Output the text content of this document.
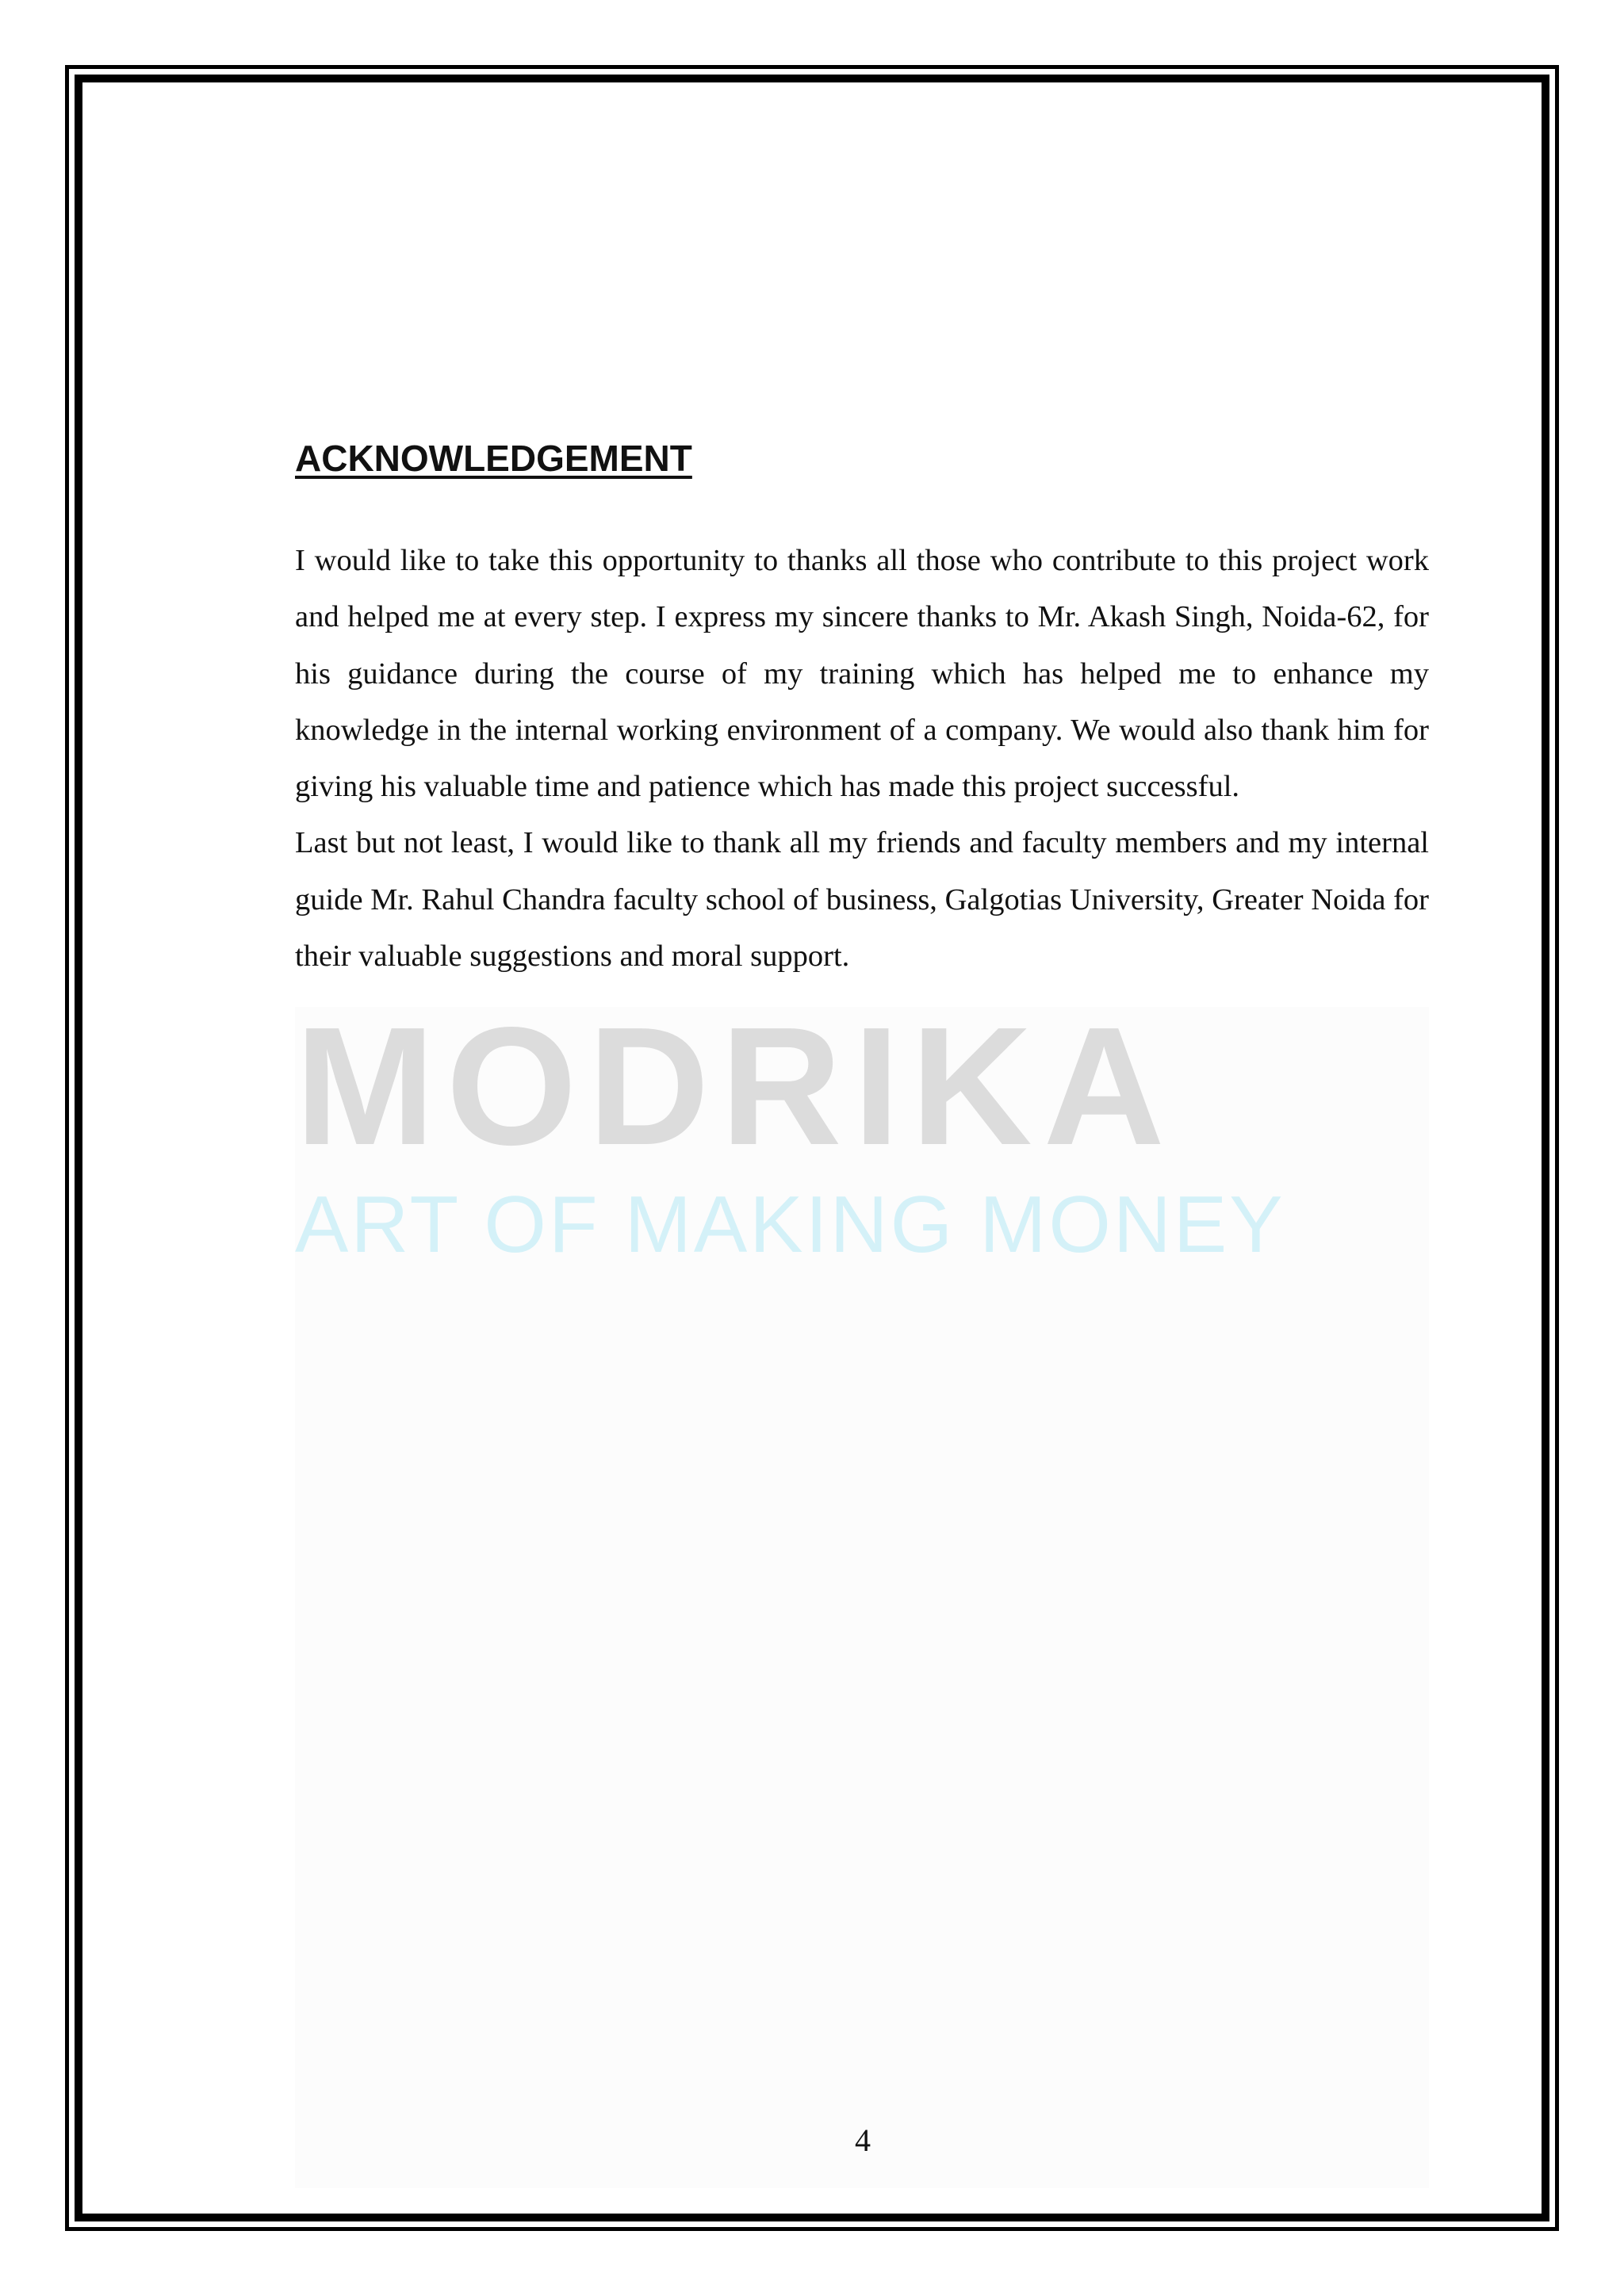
MODRIKA
ART OF MAKING MONEY
ACKNOWLEDGEMENT

I would like to take this opportunity to thanks all those who contribute to this project work and helped me at every step. I express my sincere thanks to Mr. Akash Singh, Noida-62, for his guidance during the course of my training which has helped me to enhance my knowledge in the internal working environment of a company. We would also thank him for giving his valuable time and patience which has made this project successful.

Last but not least, I would like to thank all my friends and faculty members and my internal guide Mr. Rahul Chandra faculty school of business, Galgotias University, Greater Noida for their valuable suggestions and moral support.

4
